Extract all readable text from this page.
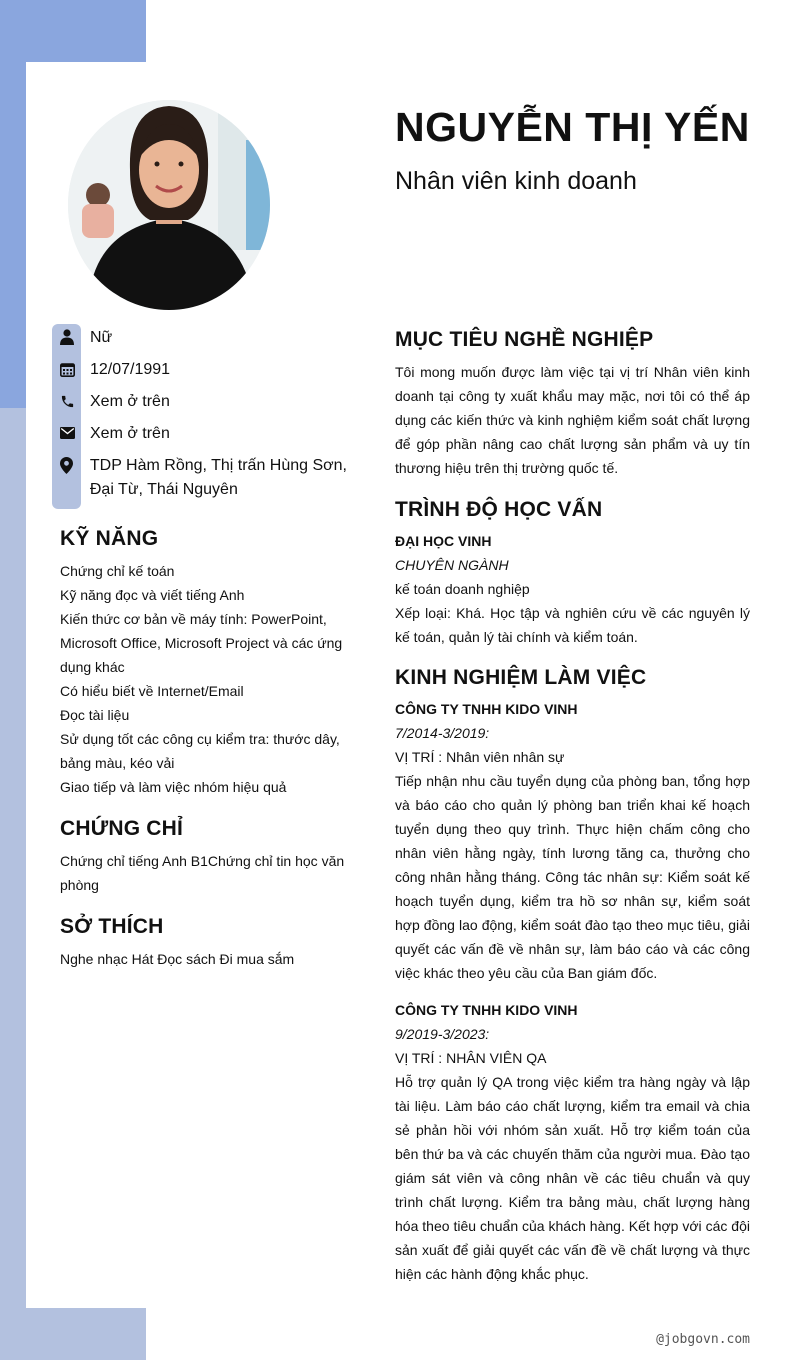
NGUYỄN THỊ YẾN
Nhân viên kinh doanh
Nữ
12/07/1991
Xem ở trên
Xem ở trên
TDP Hàm Rồng, Thị trấn Hùng Sơn, Đại Từ, Thái Nguyên
KỸ NĂNG
Chứng chỉ kế toán
Kỹ năng đọc và viết tiếng Anh
Kiến thức cơ bản về máy tính: PowerPoint, Microsoft Office, Microsoft Project và các ứng dụng khác
Có hiểu biết về Internet/Email
Đọc tài liệu
Sử dụng tốt các công cụ kiểm tra: thước dây, bảng màu, kéo vải
Giao tiếp và làm việc nhóm hiệu quả
CHỨNG CHỈ
Chứng chỉ tiếng Anh B1Chứng chỉ tin học văn phòng
SỞ THÍCH
Nghe nhạc Hát Đọc sách Đi mua sắm
MỤC TIÊU NGHỀ NGHIỆP
Tôi mong muốn được làm việc tại vị trí Nhân viên kinh doanh tại công ty xuất khẩu may mặc, nơi tôi có thể áp dụng các kiến thức và kinh nghiệm kiểm soát chất lượng để góp phần nâng cao chất lượng sản phẩm và uy tín thương hiệu trên thị trường quốc tế.
TRÌNH ĐỘ HỌC VẤN
ĐẠI HỌC VINH
CHUYÊN NGÀNH
kế toán doanh nghiệp
Xếp loại: Khá. Học tập và nghiên cứu về các nguyên lý kế toán, quản lý tài chính và kiểm toán.
KINH NGHIỆM LÀM VIỆC
CÔNG TY TNHH KIDO VINH
7/2014-3/2019:
VỊ TRÍ : Nhân viên nhân sự
Tiếp nhận nhu cầu tuyển dụng của phòng ban, tổng hợp và báo cáo cho quản lý phòng ban triển khai kế hoạch tuyển dụng theo quy trình. Thực hiện chấm công cho nhân viên hằng ngày, tính lương tăng ca, thưởng cho công nhân hằng tháng. Công tác nhân sự: Kiểm soát kế hoạch tuyển dụng, kiểm tra hồ sơ nhân sự, kiểm soát hợp đồng lao động, kiểm soát đào tạo theo mục tiêu, giải quyết các vấn đề về nhân sự, làm báo cáo và các công việc khác theo yêu cầu của Ban giám đốc.
CÔNG TY TNHH KIDO VINH
9/2019-3/2023:
VỊ TRÍ : NHÂN VIÊN QA
Hỗ trợ quản lý QA trong việc kiểm tra hàng ngày và lập tài liệu. Làm báo cáo chất lượng, kiểm tra email và chia sẻ phản hồi với nhóm sản xuất. Hỗ trợ kiểm toán của bên thứ ba và các chuyến thăm của người mua. Đào tạo giám sát viên và công nhân về các tiêu chuẩn và quy trình chất lượng. Kiểm tra bảng màu, chất lượng hàng hóa theo tiêu chuẩn của khách hàng. Kết hợp với các đội sản xuất để giải quyết các vấn đề về chất lượng và thực hiện các hành động khắc phục.
@jobgovn.com
